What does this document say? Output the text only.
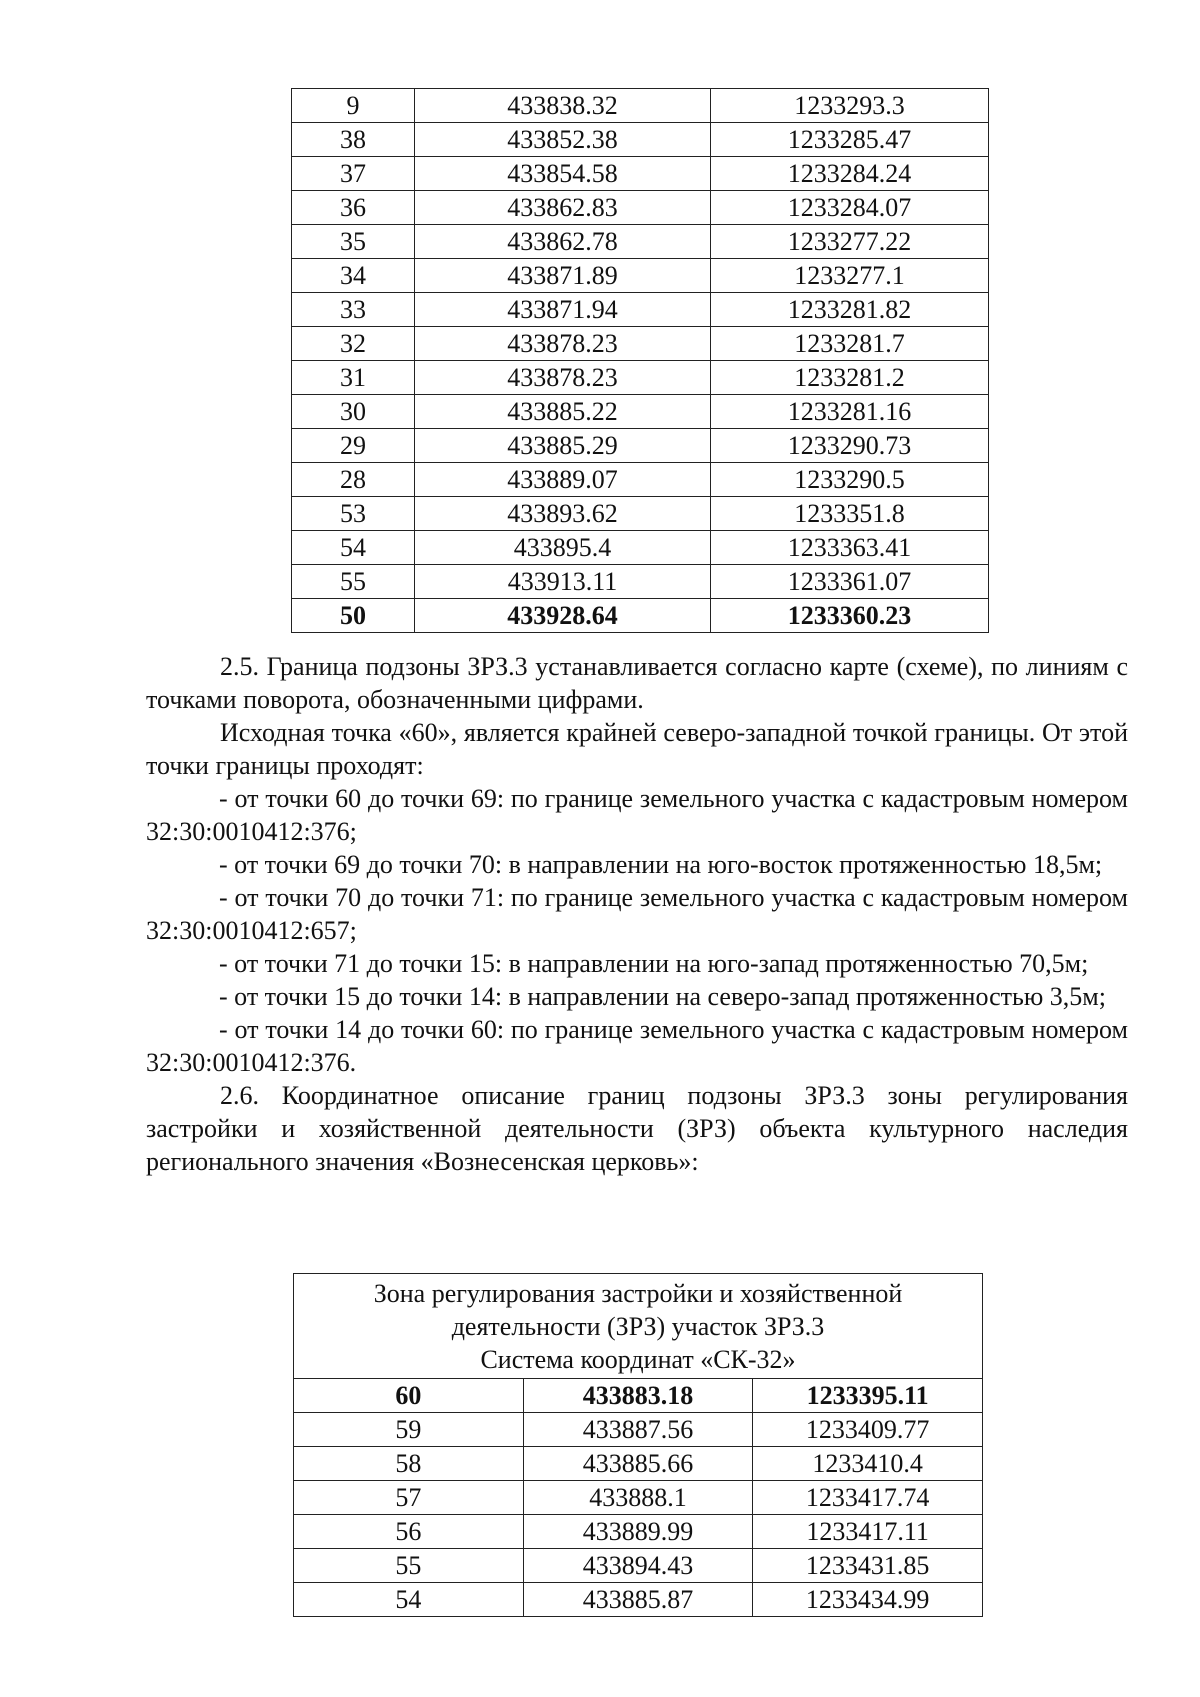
9	433838.32	1233293.3
38	433852.38	1233285.47
37	433854.58	1233284.24
36	433862.83	1233284.07
35	433862.78	1233277.22
34	433871.89	1233277.1
33	433871.94	1233281.82
32	433878.23	1233281.7
31	433878.23	1233281.2
30	433885.22	1233281.16
29	433885.29	1233290.73
28	433889.07	1233290.5
53	433893.62	1233351.8
54	433895.4	1233363.41
55	433913.11	1233361.07
50	433928.64	1233360.23

2.5. Граница подзоны ЗРЗ.3 устанавливается согласно карте (схеме), по линиям с точками поворота, обозначенными цифрами.

Исходная точка «60», является крайней северо-западной точкой границы. От этой точки границы проходят:

- от точки 60 до точки 69: по границе земельного участка с кадастровым номером 32:30:0010412:376;

- от точки 69 до точки 70: в направлении на юго-восток протяженностью 18,5м;

- от точки 70 до точки 71: по границе земельного участка с кадастровым номером 32:30:0010412:657;

- от точки 71 до точки 15: в направлении на юго-запад протяженностью 70,5м;

- от точки 15 до точки 14: в направлении на северо-запад протяженностью 3,5м;

- от точки 14 до точки 60: по границе земельного участка с кадастровым номером 32:30:0010412:376.

2.6. Координатное описание границ подзоны ЗРЗ.3 зоны регулирования застройки и хозяйственной деятельности (ЗРЗ) объекта культурного наследия регионального значения «Вознесенская церковь»:

Зона регулирования застройки и хозяйственной
деятельности (ЗРЗ) участок ЗРЗ.3
Система координат «СК-32»		

60	433883.18	1233395.11
59	433887.56	1233409.77
58	433885.66	1233410.4
57	433888.1	1233417.74
56	433889.99	1233417.11
55	433894.43	1233431.85
54	433885.87	1233434.99
